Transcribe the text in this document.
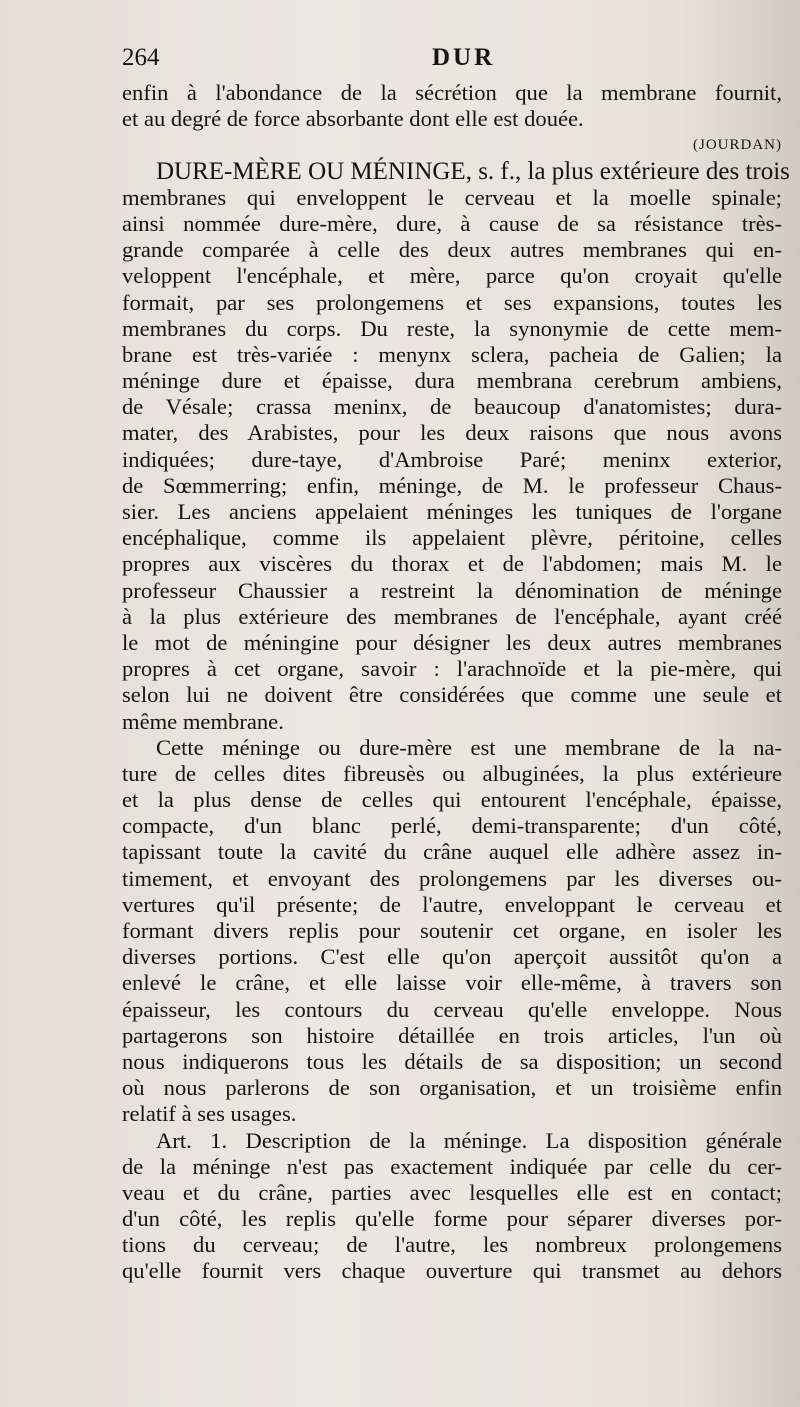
264	DUR
enfin à l'abondance de la sécrétion que la membrane fournit,
et au degré de force absorbante dont elle est douée.
(JOURDAN)
DURE-MÈRE OU MÉNINGE, s. f., la plus extérieure des trois
membranes qui enveloppent le cerveau et la moelle spinale;
ainsi nommée dure-mère, dure, à cause de sa résistance très-
grande comparée à celle des deux autres membranes qui en-
veloppent l'encéphale, et mère, parce qu'on croyait qu'elle
formait, par ses prolongemens et ses expansions, toutes les
membranes du corps. Du reste, la synonymie de cette mem-
brane est très-variée : menynx sclera, pacheia de Galien; la
méninge dure et épaisse, dura membrana cerebrum ambiens,
de Vésale; crassa meninx, de beaucoup d'anatomistes; dura-
mater, des Arabistes, pour les deux raisons que nous avons
indiquées; dure-taye, d'Ambroise Paré; meninx exterior,
de Sœmmerring; enfin, méninge, de M. le professeur Chaus-
sier. Les anciens appelaient méninges les tuniques de l'organe
encéphalique, comme ils appelaient plèvre, péritoine, celles
propres aux viscères du thorax et de l'abdomen; mais M. le
professeur Chaussier a restreint la dénomination de méninge
à la plus extérieure des membranes de l'encéphale, ayant créé
le mot de méningine pour désigner les deux autres membranes
propres à cet organe, savoir : l'arachnoïde et la pie-mère, qui
selon lui ne doivent être considérées que comme une seule et
même membrane.
Cette méninge ou dure-mère est une membrane de la na-
ture de celles dites fibreusès ou albuginées, la plus extérieure
et la plus dense de celles qui entourent l'encéphale, épaisse,
compacte, d'un blanc perlé, demi-transparente; d'un côté,
tapissant toute la cavité du crâne auquel elle adhère assez in-
timement, et envoyant des prolongemens par les diverses ou-
vertures qu'il présente; de l'autre, enveloppant le cerveau et
formant divers replis pour soutenir cet organe, en isoler les
diverses portions. C'est elle qu'on aperçoit aussitôt qu'on a
enlevé le crâne, et elle laisse voir elle-même, à travers son
épaisseur, les contours du cerveau qu'elle enveloppe. Nous
partagerons son histoire détaillée en trois articles, l'un où
nous indiquerons tous les détails de sa disposition; un second
où nous parlerons de son organisation, et un troisième enfin
relatif à ses usages.
Art. 1. Description de la méninge. La disposition générale
de la méninge n'est pas exactement indiquée par celle du cer-
veau et du crâne, parties avec lesquelles elle est en contact;
d'un côté, les replis qu'elle forme pour séparer diverses por-
tions du cerveau; de l'autre, les nombreux prolongemens
qu'elle fournit vers chaque ouverture qui transmet au dehors
